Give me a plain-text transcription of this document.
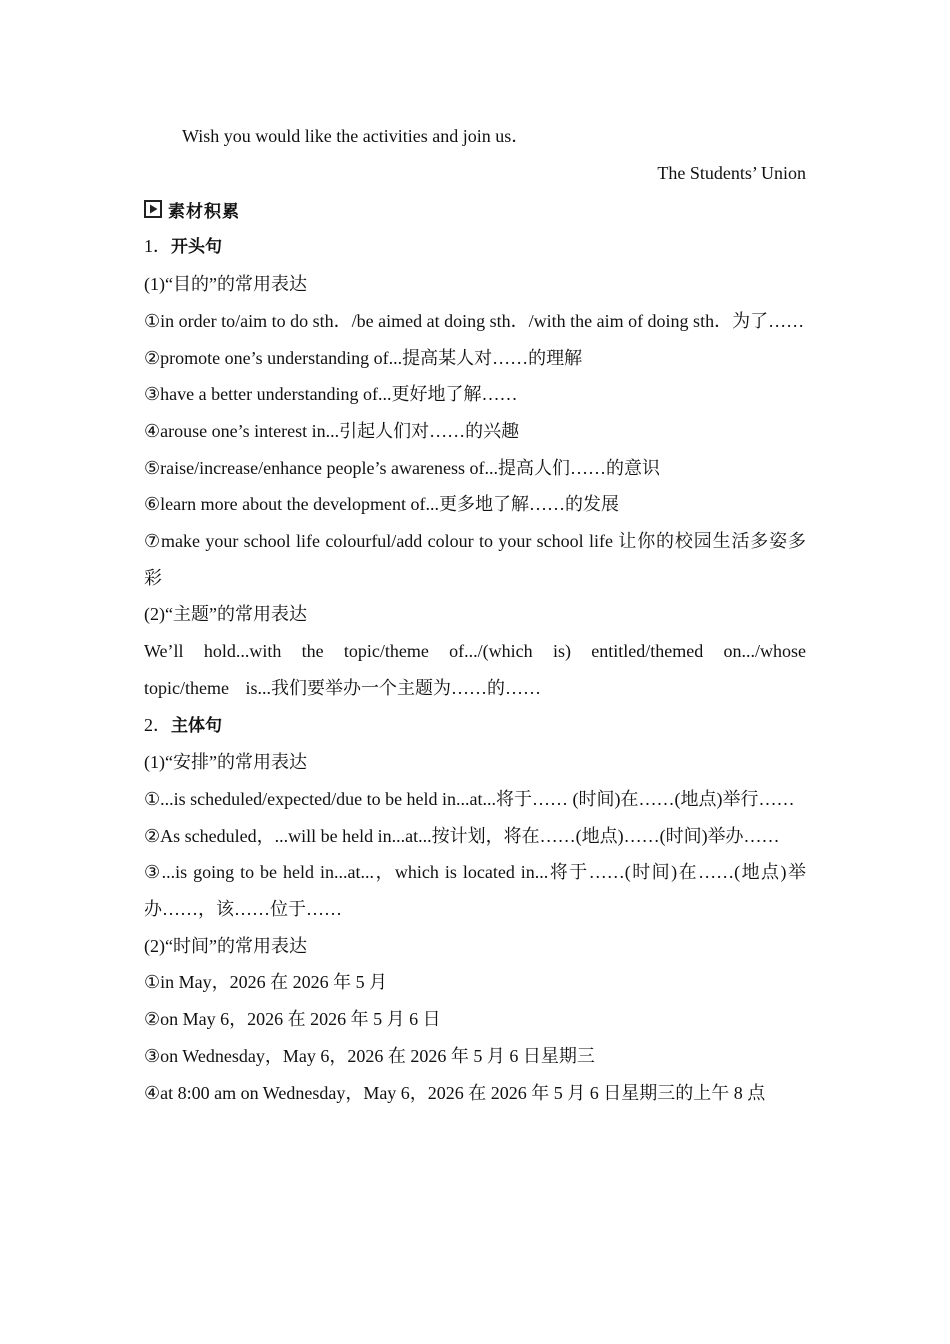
Wish you would like the activities and join us．

The Students’ Union

素材积累

1．开头句

(1)“目的”的常用表达

①in order to/aim to do sth．/be aimed at doing sth．/with the aim of doing sth．为了……

②promote one’s understanding of...提高某人对……的理解

③have a better understanding of...更好地了解……

④arouse one’s interest in...引起人们对……的兴趣

⑤raise/increase/enhance people’s awareness of...提高人们……的意识

⑥learn more about the development of...更多地了解……的发展

⑦make your school life colourful/add colour to your school life 让你的校园生活多姿多彩

(2)“主题”的常用表达

We’ll hold...with the topic/theme of.../(which is) entitled/themed on.../whose topic/theme is...我们要举办一个主题为……的……

2．主体句

(1)“安排”的常用表达

①...is scheduled/expected/due to be held in...at...将于…… (时间)在……(地点)举行……

②As scheduled，...will be held in...at...按计划，将在……(地点)……(时间)举办……

③...is going to be held in...at...，which is located in...将于……(时间)在……(地点)举办……，该……位于……

(2)“时间”的常用表达

①in May，2026 在 2026 年 5 月

②on May 6，2026 在 2026 年 5 月 6 日

③on Wednesday，May 6，2026 在 2026 年 5 月 6 日星期三

④at 8:00 am on Wednesday，May 6，2026 在 2026 年 5 月 6 日星期三的上午 8 点
